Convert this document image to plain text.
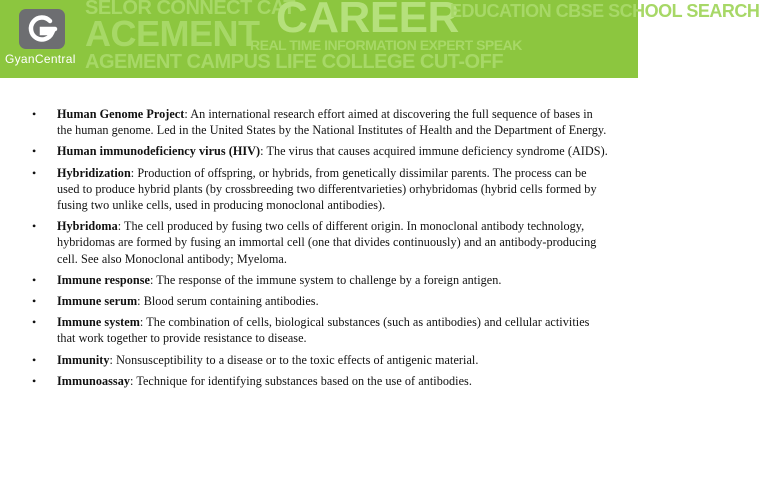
SELOR CONNECT CAT
ACEMENT CAREER
EDUCATION CBSE SCHOOL SEARCH
REAL TIME INFORMATION EXPERT SPEAK
AGEMENT CAMPUS LIFE COLLEGE CUT-OFF
GyanCentral
• Human Genome Project: An international research effort aimed at discovering the full sequence of bases in the human genome. Led in the United States by the National Institutes of Health and the Department of Energy.
• Human immunodeficiency virus (HIV): The virus that causes acquired immune deficiency syndrome (AIDS).
• Hybridization: Production of offspring, or hybrids, from genetically dissimilar parents. The process can be used to produce hybrid plants (by crossbreeding two differentvarieties) orhybridomas (hybrid cells formed by fusing two unlike cells, used in producing monoclonal antibodies).
• Hybridoma: The cell produced by fusing two cells of different origin. In monoclonal antibody technology, hybridomas are formed by fusing an immortal cell (one that divides continuously) and an antibody-producing cell. See also Monoclonal antibody; Myeloma.
• Immune response: The response of the immune system to challenge by a foreign antigen.
• Immune serum: Blood serum containing antibodies.
• Immune system: The combination of cells, biological substances (such as antibodies) and cellular activities that work together to provide resistance to disease.
• Immunity: Nonsusceptibility to a disease or to the toxic effects of antigenic material.
• Immunoassay: Technique for identifying substances based on the use of antibodies.
